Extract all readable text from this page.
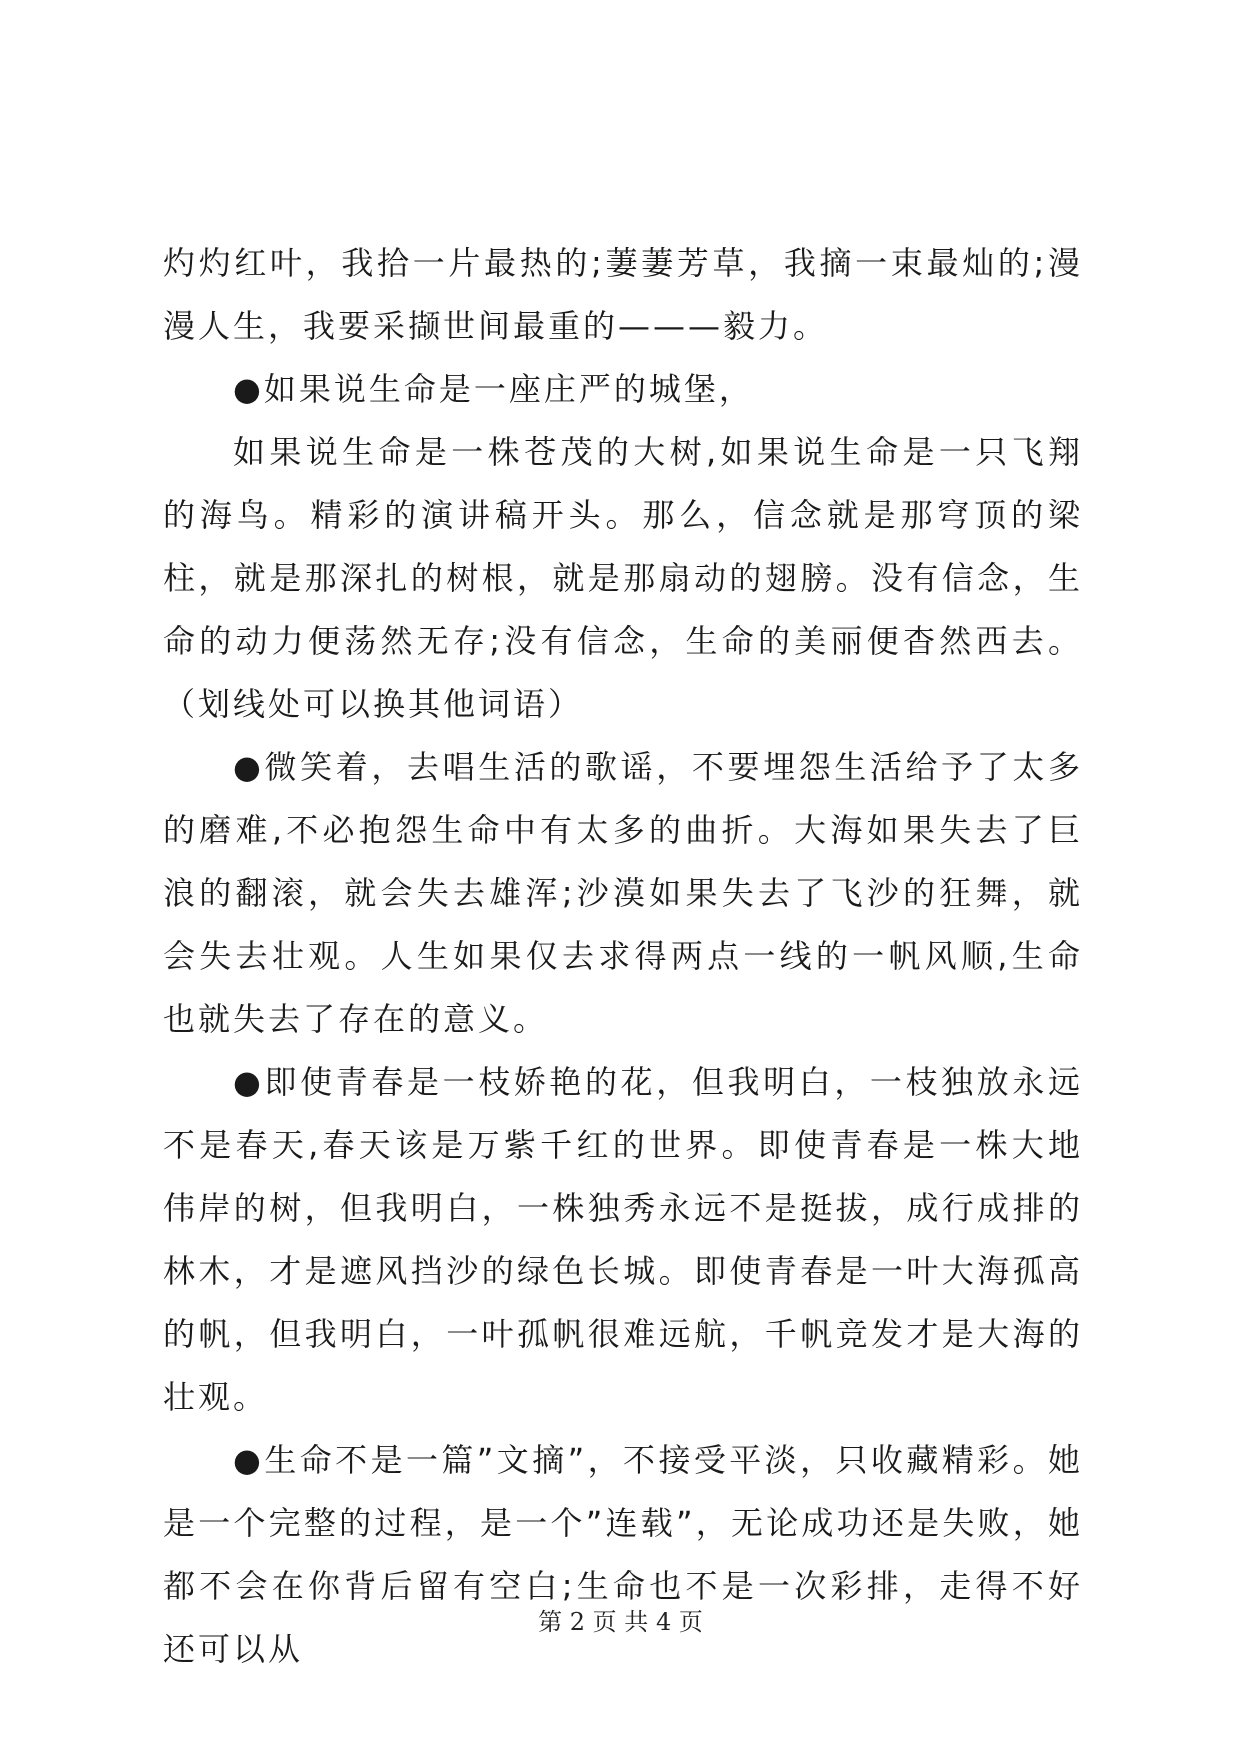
灼灼红叶，我拾一片最热的;萋萋芳草，我摘一束最灿的;漫漫人生，我要采撷世间最重的———毅力。

●如果说生命是一座庄严的城堡，

如果说生命是一株苍茂的大树,如果说生命是一只飞翔的海鸟。精彩的演讲稿开头。那么，信念就是那穹顶的梁柱，就是那深扎的树根，就是那扇动的翅膀。没有信念，生命的动力便荡然无存;没有信念，生命的美丽便杳然西去。（划线处可以换其他词语）

●微笑着，去唱生活的歌谣，不要埋怨生活给予了太多的磨难,不必抱怨生命中有太多的曲折。大海如果失去了巨浪的翻滚，就会失去雄浑;沙漠如果失去了飞沙的狂舞，就会失去壮观。人生如果仅去求得两点一线的一帆风顺,生命也就失去了存在的意义。

●即使青春是一枝娇艳的花，但我明白，一枝独放永远不是春天,春天该是万紫千红的世界。即使青春是一株大地伟岸的树，但我明白，一株独秀永远不是挺拔，成行成排的林木，才是遮风挡沙的绿色长城。即使青春是一叶大海孤高的帆，但我明白，一叶孤帆很难远航，千帆竞发才是大海的壮观。

●生命不是一篇”文摘”，不接受平淡，只收藏精彩。她是一个完整的过程，是一个”连载”，无论成功还是失败，她都不会在你背后留有空白;生命也不是一次彩排，走得不好还可以从

第 2 页 共 4 页
